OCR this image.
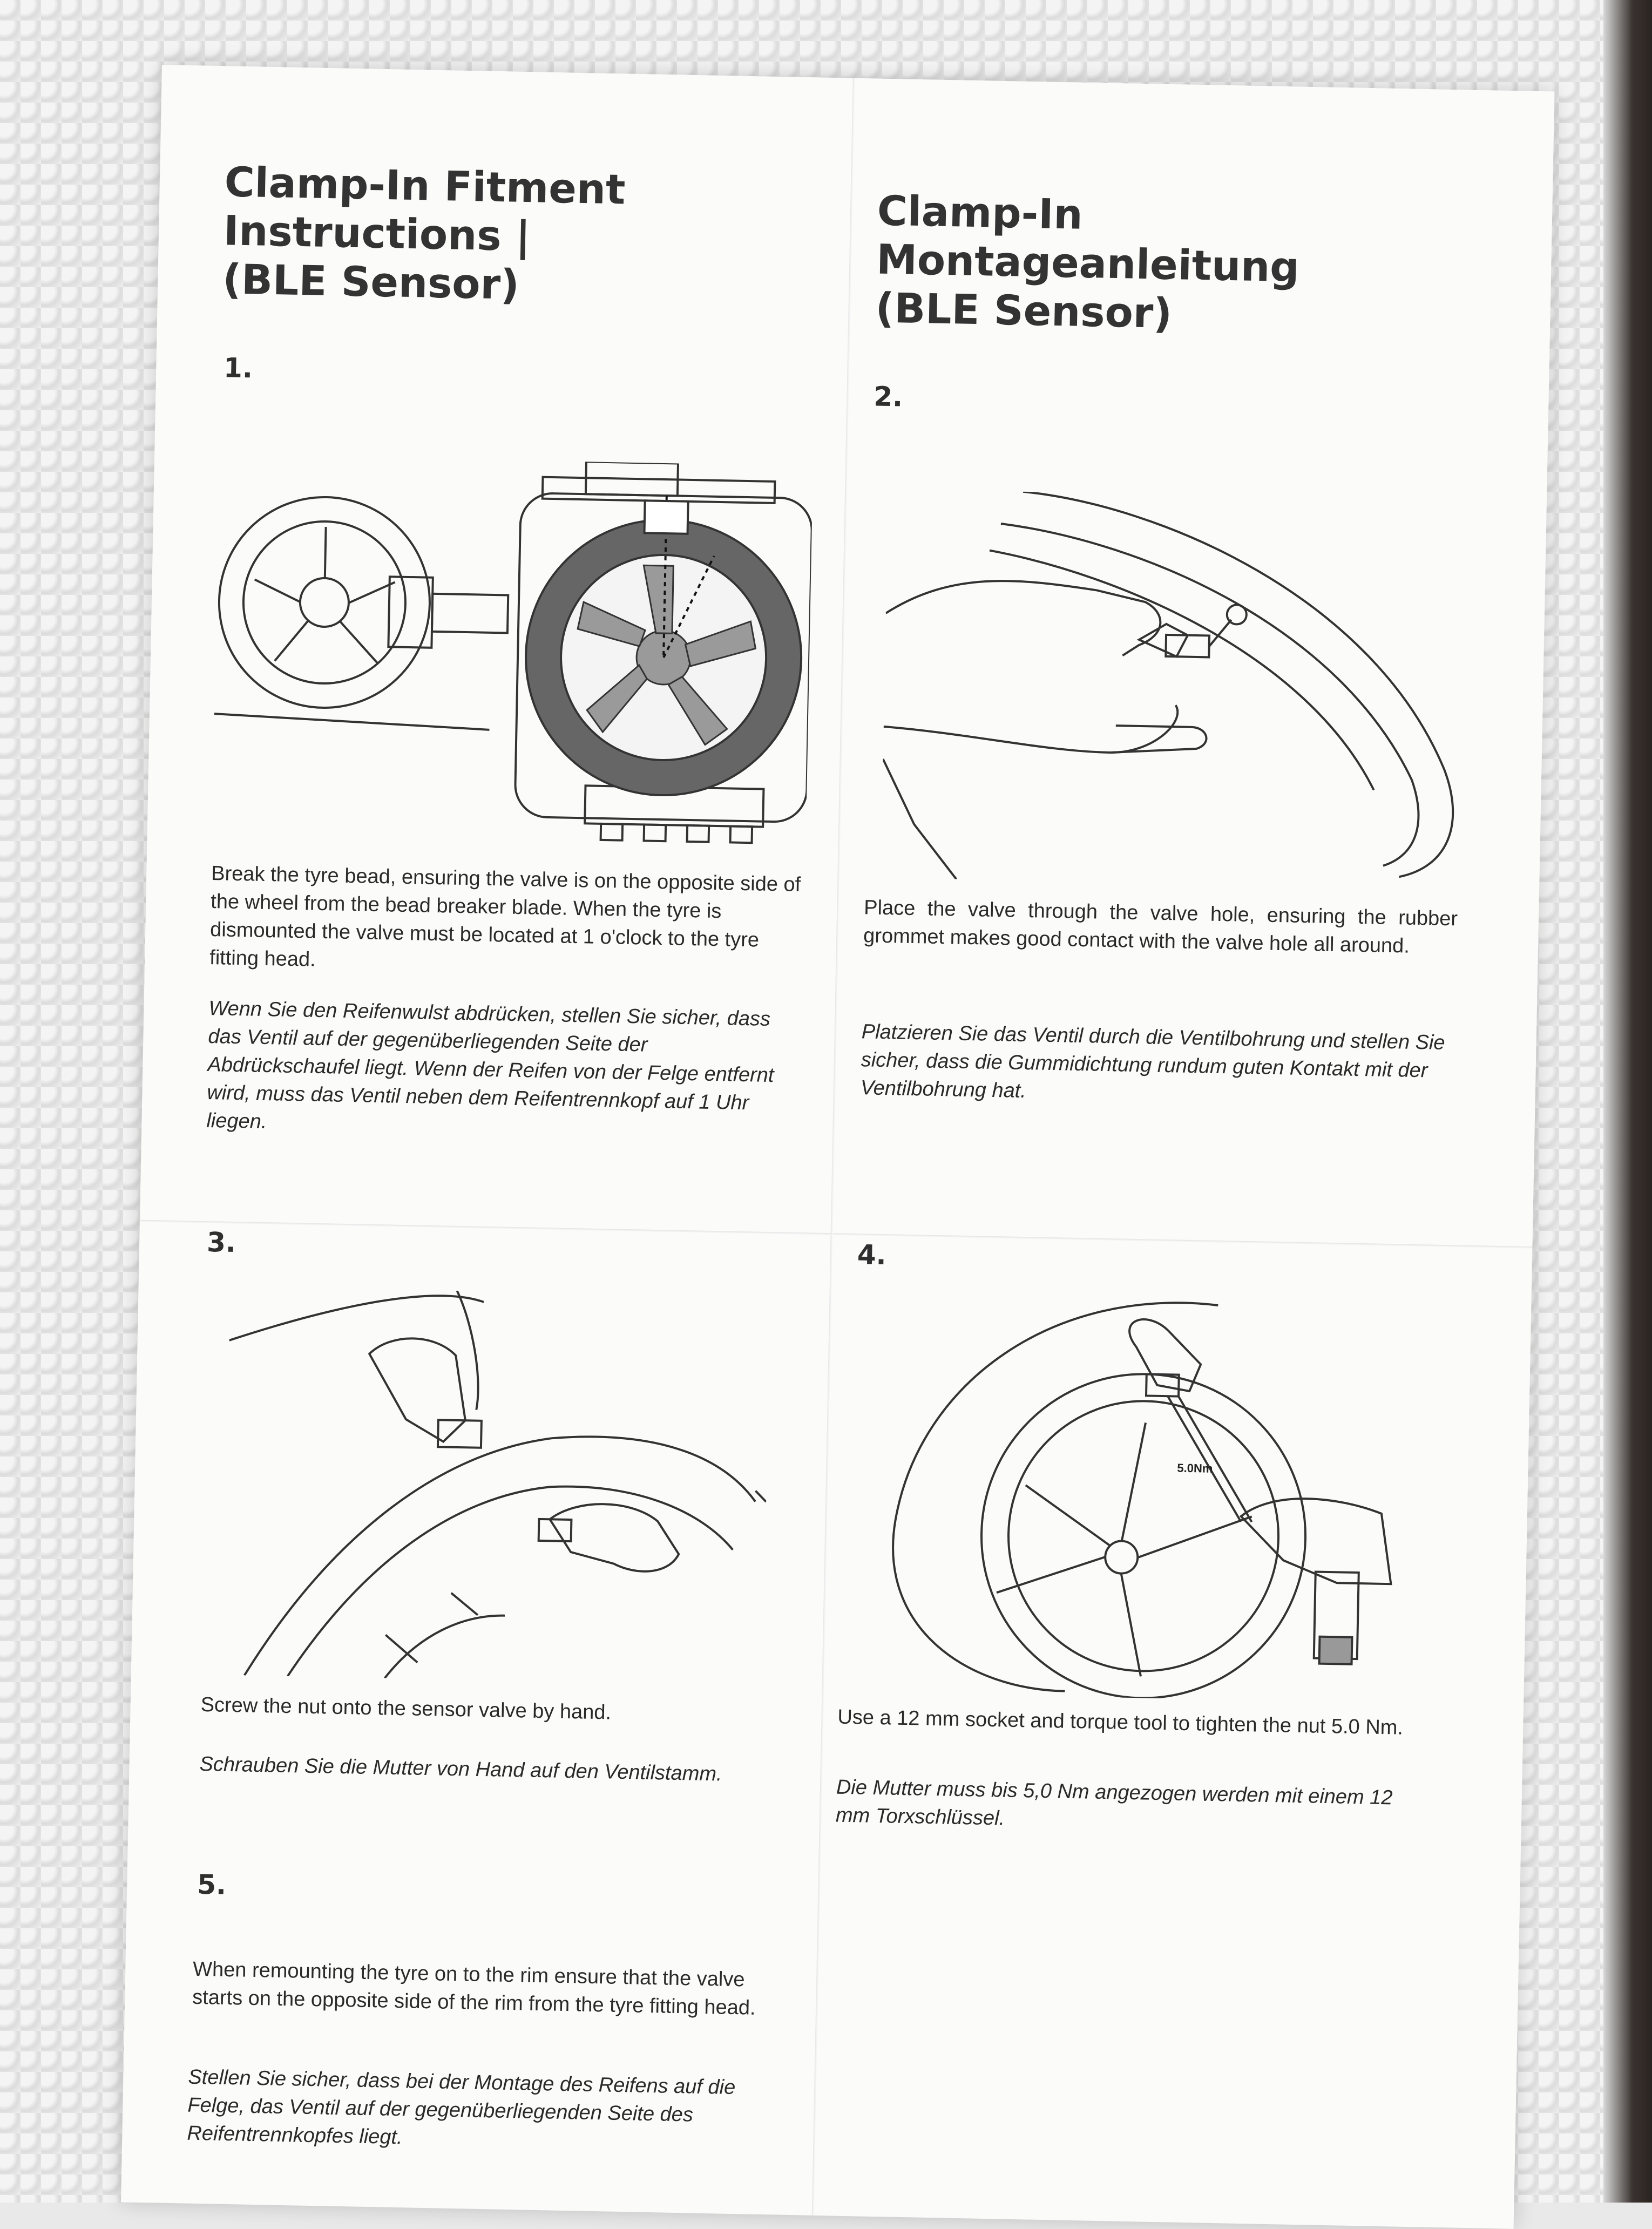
Clamp-In Fitment Instructions |
(BLE Sensor)
Clamp-In Montageanleitung
(BLE Sensor)
1.
Break the tyre bead, ensuring the valve is on the opposite side of the wheel from the bead breaker blade. When the tyre is dismounted the valve must be located at 1 o'clock to the tyre fitting head.
Wenn Sie den Reifenwulst abdrücken, stellen Sie sicher, dass das Ventil auf der gegenüberliegenden Seite der Abdrückschaufel liegt. Wenn der Reifen von der Felge entfernt wird, muss das Ventil neben dem Reifentrennkopf auf 1 Uhr liegen.
2.
Place the valve through the valve hole, ensuring the rubber grommet makes good contact with the valve hole all around.
Platzieren Sie das Ventil durch die Ventilbohrung und stellen Sie sicher, dass die Gummidichtung rundum guten Kontakt mit der Ventilbohrung hat.
3.
Screw the nut onto the sensor valve by hand.
Schrauben Sie die Mutter von Hand auf den Ventilstamm.
4.
5.0Nm
Use a 12 mm socket and torque tool to tighten the nut 5.0 Nm.
Die Mutter muss bis 5,0 Nm angezogen werden mit einem 12 mm Torxschlüssel.
5.
When remounting the tyre on to the rim ensure that the valve starts on the opposite side of the rim from the tyre fitting head.
Stellen Sie sicher, dass bei der Montage des Reifens auf die Felge, das Ventil auf der gegenüberliegenden Seite des Reifentrennkopfes liegt.
